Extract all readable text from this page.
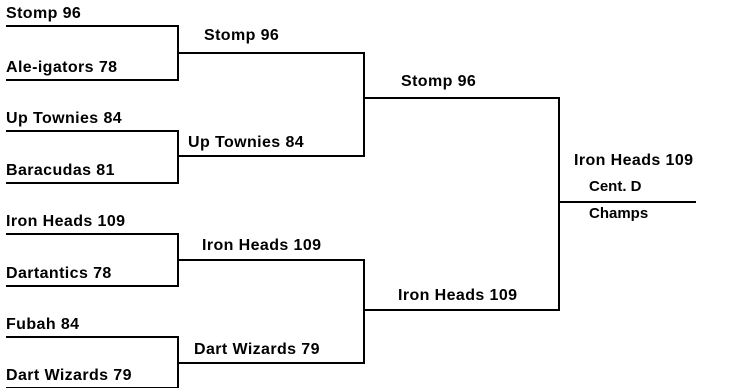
Stomp 96
Ale-igators 78
Up Townies 84
Baracudas 81
Iron Heads 109
Dartantics 78
Fubah 84
Dart Wizards 79
Stomp 96
Up Townies 84
Iron Heads 109
Dart Wizards 79
Stomp 96
Iron Heads 109
Iron Heads 109
Cent. D
Champs
